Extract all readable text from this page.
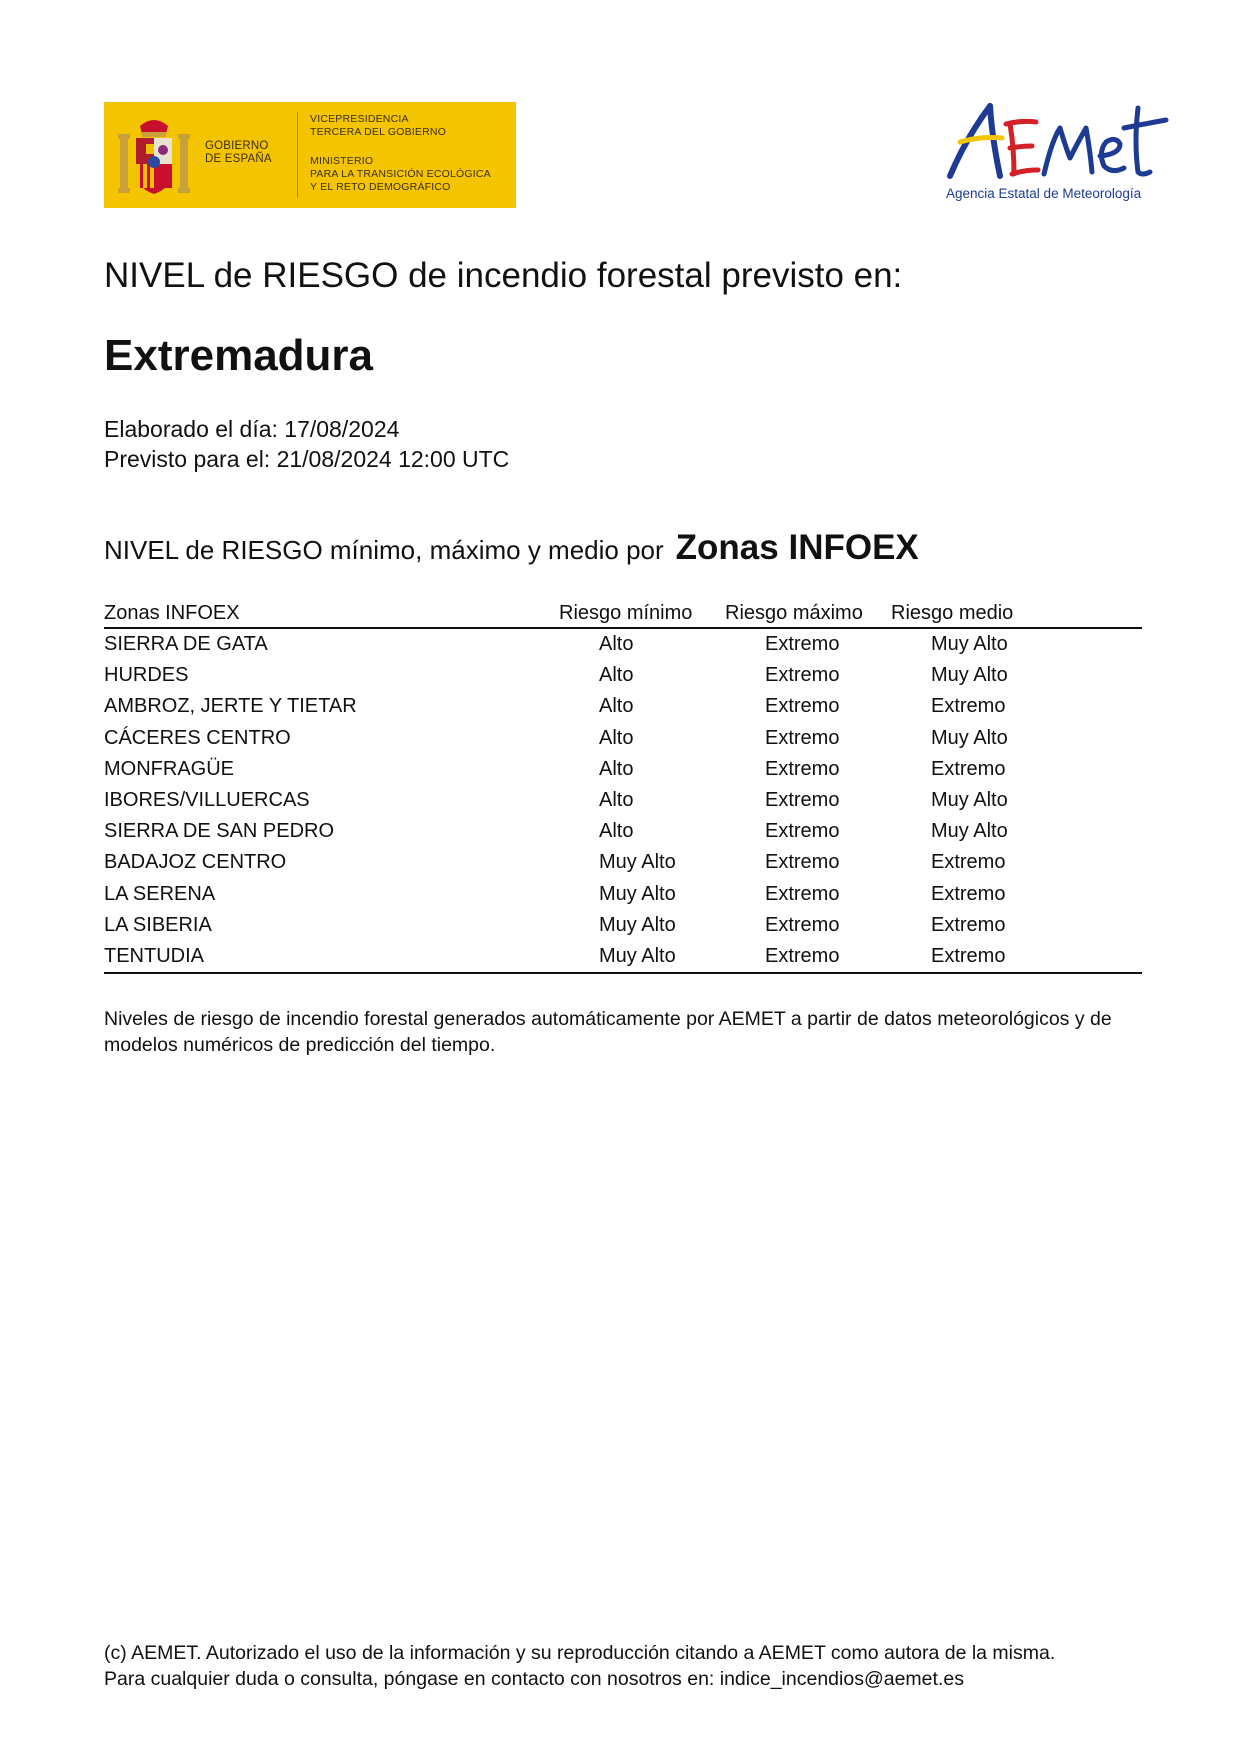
GOBIERNO
DE ESPAÑA
VICEPRESIDENCIA
TERCERA DEL GOBIERNO
MINISTERIO
PARA LA TRANSICIÓN ECOLÓGICA
Y EL RETO DEMOGRÁFICO	Agencia Estatal de Meteorología
NIVEL de RIESGO de incendio forestal previsto en:
Extremadura
Elaborado el día: 17/08/2024
Previsto para el: 21/08/2024 12:00 UTC
NIVEL de RIESGO mínimo, máximo y medio por Zonas INFOEX
Zonas INFOEX	Riesgo mínimo	Riesgo máximo	Riesgo medio
SIERRA DE GATA	Alto	Extremo	Muy Alto
HURDES	Alto	Extremo	Muy Alto
AMBROZ, JERTE Y TIETAR	Alto	Extremo	Extremo
CÁCERES CENTRO	Alto	Extremo	Muy Alto
MONFRAGÜE	Alto	Extremo	Extremo
IBORES/VILLUERCAS	Alto	Extremo	Muy Alto
SIERRA DE SAN PEDRO	Alto	Extremo	Muy Alto
BADAJOZ CENTRO	Muy Alto	Extremo	Extremo
LA SERENA	Muy Alto	Extremo	Extremo
LA SIBERIA	Muy Alto	Extremo	Extremo
TENTUDIA	Muy Alto	Extremo	Extremo
Niveles de riesgo de incendio forestal generados automáticamente por AEMET a partir de datos meteorológicos y de modelos numéricos de predicción del tiempo.
(c) AEMET. Autorizado el uso de la información y su reproducción citando a AEMET como autora de la misma.
Para cualquier duda o consulta, póngase en contacto con nosotros en: indice_incendios@aemet.es
